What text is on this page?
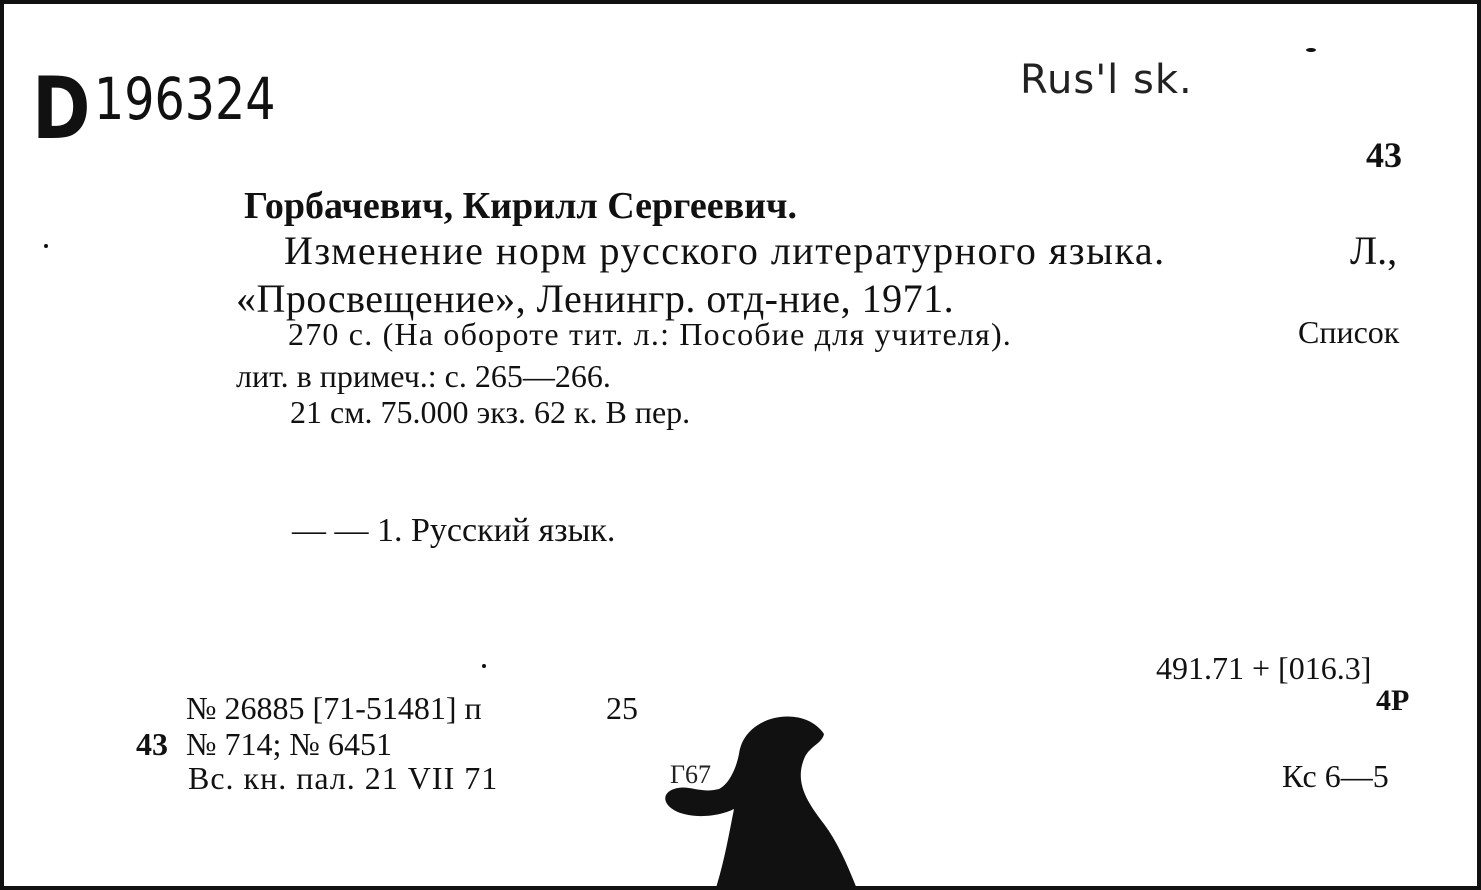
D 196324	Rus'l sk.
43
Горбачевич, Кирилл Сергеевич.
Изменение норм русского литературного языка.	Л.,
«Просвещение», Ленингр. отд-ние, 1971.
270 с. (На обороте тит. л.: Пособие для учителя).	Список
лит. в примеч.: с. 265—266.
21 см. 75.000 экз. 62 к. В пер.
— — 1. Русский язык.
491.71 + [016.3]
4Р
№ 26885 [71-51481] п	25
43 № 714; № 6451
Вс. кн. пал. 21 VII 71	Г67	Кс 6—5
